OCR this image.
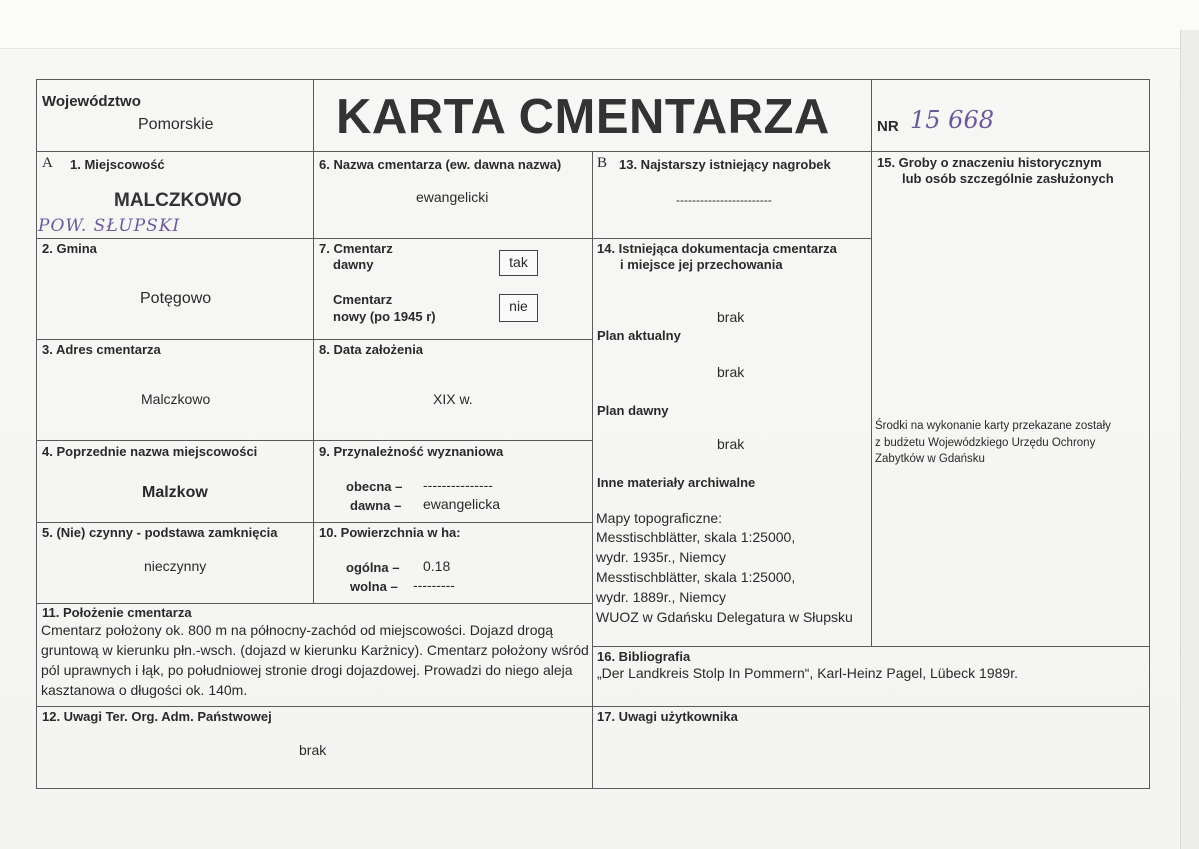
Województwo
Pomorskie KARTA CMENTARZA	NR 15 668
A 1. Miejscowość
MALCZKOWO
POW. SŁUPSKI
6. Nazwa cmentarza (ew. dawna nazwa)
ewangelicki
2. Gmina
Potęgowo
7. Cmentarz
dawny	tak
Cmentarz
nowy (po 1945 r)
nie
3. Adres cmentarza
Malczkowo
8. Data założenia
XIX w.
4. Poprzednie nazwa miejscowości
Malzkow
9. Przynależność wyznaniowa
obecna – ---------------
dawna – ewangelicka
5. (Nie) czynny - podstawa zamknięcia
nieczynny
10. Powierzchnia w ha:
ogólna – 0.18
wolna – ---------
11. Położenie cmentarza
Cmentarz położony ok. 800 m na północny-zachód od miejscowości. Dojazd drogą gruntową w kierunku płn.-wsch. (dojazd w kierunku Karżnicy). Cmentarz położony wśród pól uprawnych i łąk, po południowej stronie drogi dojazdowej. Prowadzi do niego aleja kasztanowa o długości ok. 140m.
12. Uwagi Ter. Org. Adm. Państwowej
brak
B 13. Najstarszy istniejący nagrobek
------------------------
14. Istniejąca dokumentacja cmentarza
i miejsce jej przechowania
brak
Plan aktualny
brak
Plan dawny
brak
Inne materiały archiwalne
Mapy topograficzne:
Messtischblätter, skala 1:25000,
wydr. 1935r., Niemcy
Messtischblätter, skala 1:25000,
wydr. 1889r., Niemcy
WUOZ w Gdańsku Delegatura w Słupsku
15. Groby o znaczeniu historycznym
lub osób szczególnie zasłużonych
Środki na wykonanie karty przekazane zostały
z budżetu Wojewódzkiego Urzędu Ochrony
Zabytków w Gdańsku
16. Bibliografia
„Der Landkreis Stolp In Pommern“, Karl-Heinz Pagel, Lübeck 1989r.
17. Uwagi użytkownika
